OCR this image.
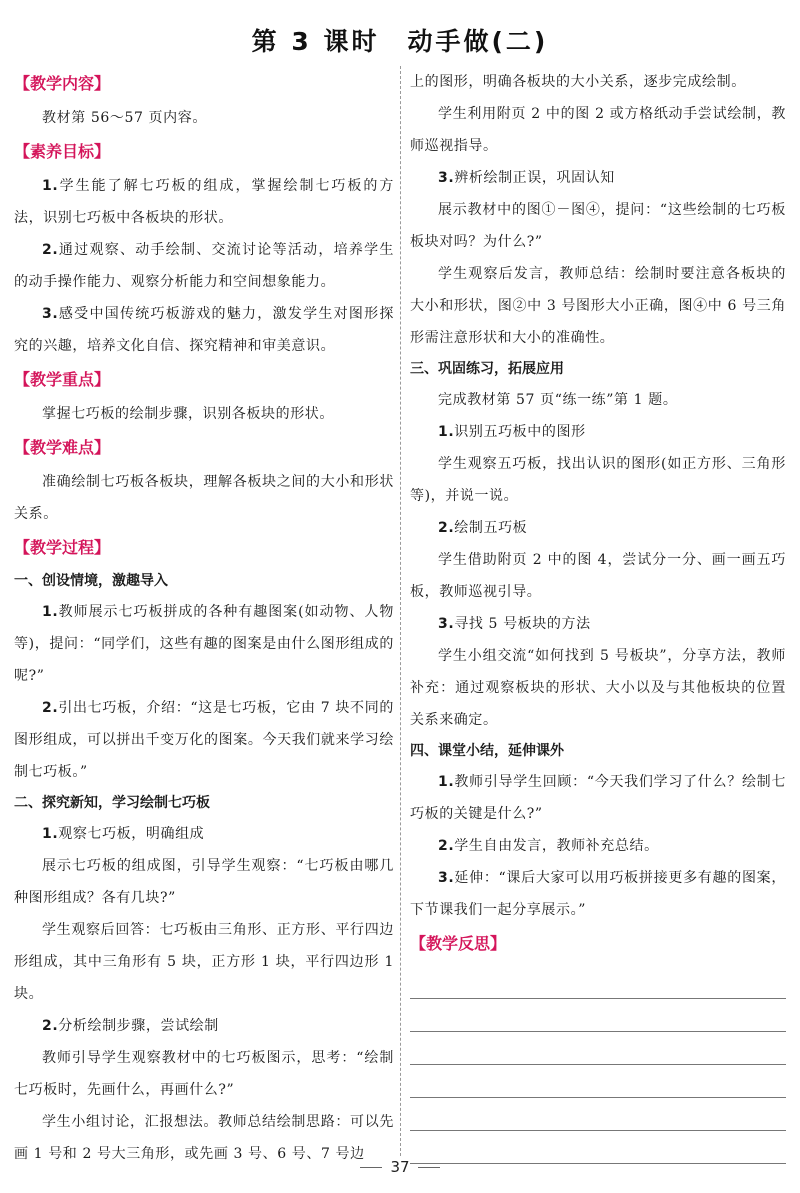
第 3 课时　动手做(二)
【教学内容】

教材第 56～57 页内容。

【素养目标】

1.学生能了解七巧板的组成，掌握绘制七巧板的方法，识别七巧板中各板块的形状。

2.通过观察、动手绘制、交流讨论等活动，培养学生的动手操作能力、观察分析能力和空间想象能力。

3.感受中国传统巧板游戏的魅力，激发学生对图形探究的兴趣，培养文化自信、探究精神和审美意识。

【教学重点】

掌握七巧板的绘制步骤，识别各板块的形状。

【教学难点】

准确绘制七巧板各板块，理解各板块之间的大小和形状关系。

【教学过程】
一、创设情境，激趣导入

1.教师展示七巧板拼成的各种有趣图案(如动物、人物等)，提问：“同学们，这些有趣的图案是由什么图形组成的呢?”

2.引出七巧板，介绍：“这是七巧板，它由 7 块不同的图形组成，可以拼出千变万化的图案。今天我们就来学习绘制七巧板。”

二、探究新知，学习绘制七巧板

1.观察七巧板，明确组成

展示七巧板的组成图，引导学生观察：“七巧板由哪几种图形组成？各有几块?”

学生观察后回答：七巧板由三角形、正方形、平行四边形组成，其中三角形有 5 块，正方形 1 块，平行四边形 1 块。

2.分析绘制步骤，尝试绘制

教师引导学生观察教材中的七巧板图示，思考：“绘制七巧板时，先画什么，再画什么?”

学生小组讨论，汇报想法。教师总结绘制思路：可以先画 1 号和 2 号大三角形，或先画 3 号、6 号、7 号边

上的图形，明确各板块的大小关系，逐步完成绘制。

学生利用附页 2 中的图 2 或方格纸动手尝试绘制，教师巡视指导。

3.辨析绘制正误，巩固认知

展示教材中的图①－图④，提问：“这些绘制的七巧板板块对吗？为什么?”

学生观察后发言，教师总结：绘制时要注意各板块的大小和形状，图②中 3 号图形大小正确，图④中 6 号三角形需注意形状和大小的准确性。

三、巩固练习，拓展应用

完成教材第 57 页“练一练”第 1 题。

1.识别五巧板中的图形

学生观察五巧板，找出认识的图形(如正方形、三角形等)，并说一说。

2.绘制五巧板

学生借助附页 2 中的图 4，尝试分一分、画一画五巧板，教师巡视引导。

3.寻找 5 号板块的方法

学生小组交流“如何找到 5 号板块”，分享方法，教师补充：通过观察板块的形状、大小以及与其他板块的位置关系来确定。

四、课堂小结，延伸课外

1.教师引导学生回顾：“今天我们学习了什么？绘制七巧板的关键是什么?”

2.学生自由发言，教师补充总结。

3.延伸：“课后大家可以用巧板拼接更多有趣的图案，下节课我们一起分享展示。”

【教学反思】
37
